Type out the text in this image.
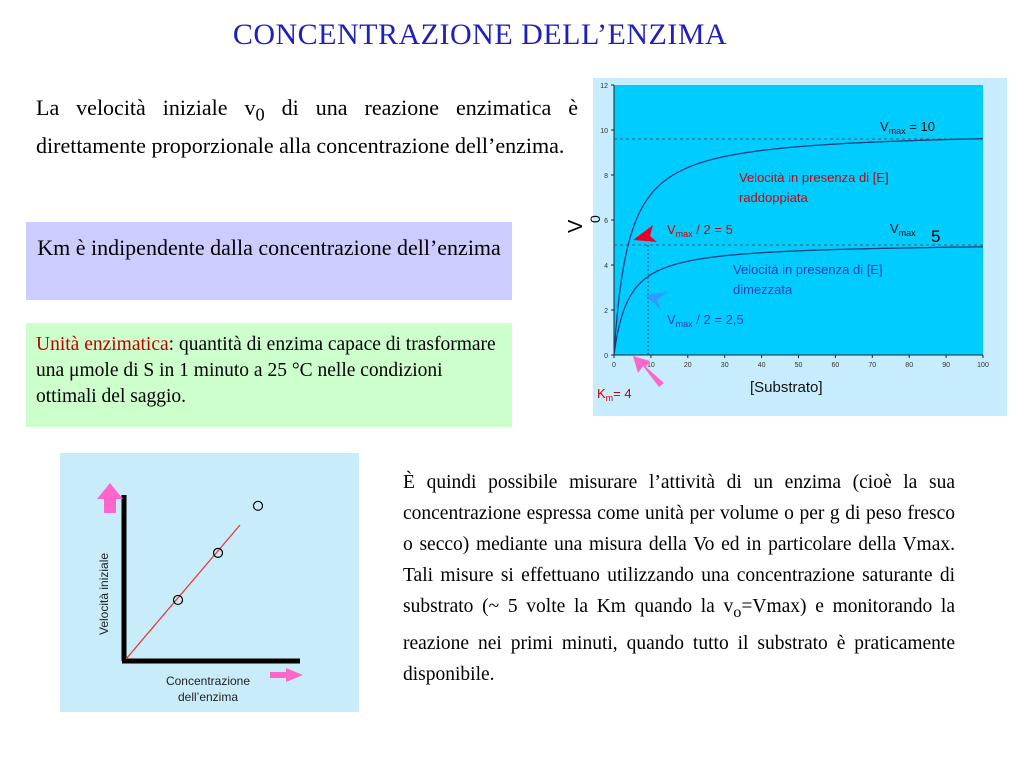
CONCENTRAZIONE DELL’ENZIMA
La velocità iniziale $v_0$ di una reazione enzimatica è direttamente proporzionale alla concentrazione dell’enzima.
Km è indipendente dalla concentrazione dell’enzima
Unità enzimatica: quantità di enzima capace di trasformare una μmole di S in 1 minuto a 25 °C nelle condizioni ottimali del saggio.
È quindi possibile misurare l’attività di un enzima (cioè la sua concentrazione espressa come unità per volume o per g di peso fresco o secco) mediante una misura della Vo ed in particolare della Vmax. Tali misure si effettuano utilizzando una concentrazione saturante di substrato (~ 5 volte la Km quando la $v_o=Vmax$) e monitorando la reazione nei primi minuti, quando tutto il substrato è praticamente disponibile.
12
10
8
6
4
2
0
0	10	20	30	40	50	60	70	80	90	100
V
0
$V_{max} = 10$
$V_{max}$ 5
Velocità in presenza di [E]
raddoppiata
Velocità in presenza di [E]
dimezzata
$V_{max} / 2 = 5$
$V_{max} / 2 = 2,5$
$K_m= 4$	[Substrato]
Velocità iniziale
Concentrazione
dell’enzima
